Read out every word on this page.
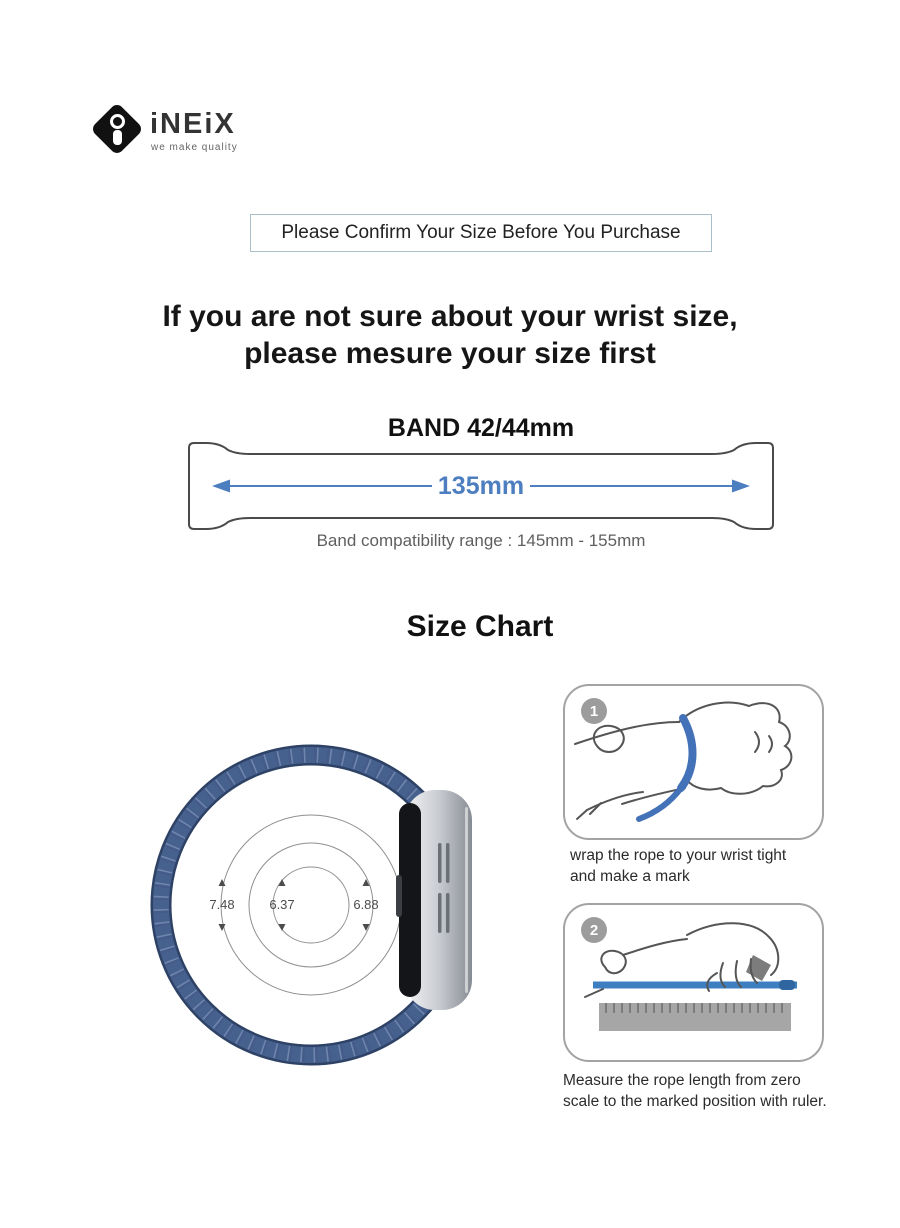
iNEiX
we make quality
Please Confirm Your Size Before You Purchase
If you are not sure about your wrist size,
please mesure your size first
BAND 42/44mm
135mm
Band compatibility range : 145mm - 155mm
Size Chart
7.48	6.37	6.88
1
wrap the rope to your wrist tight
and make a mark
2
Measure the rope length from zero
scale to the marked position with ruler.
